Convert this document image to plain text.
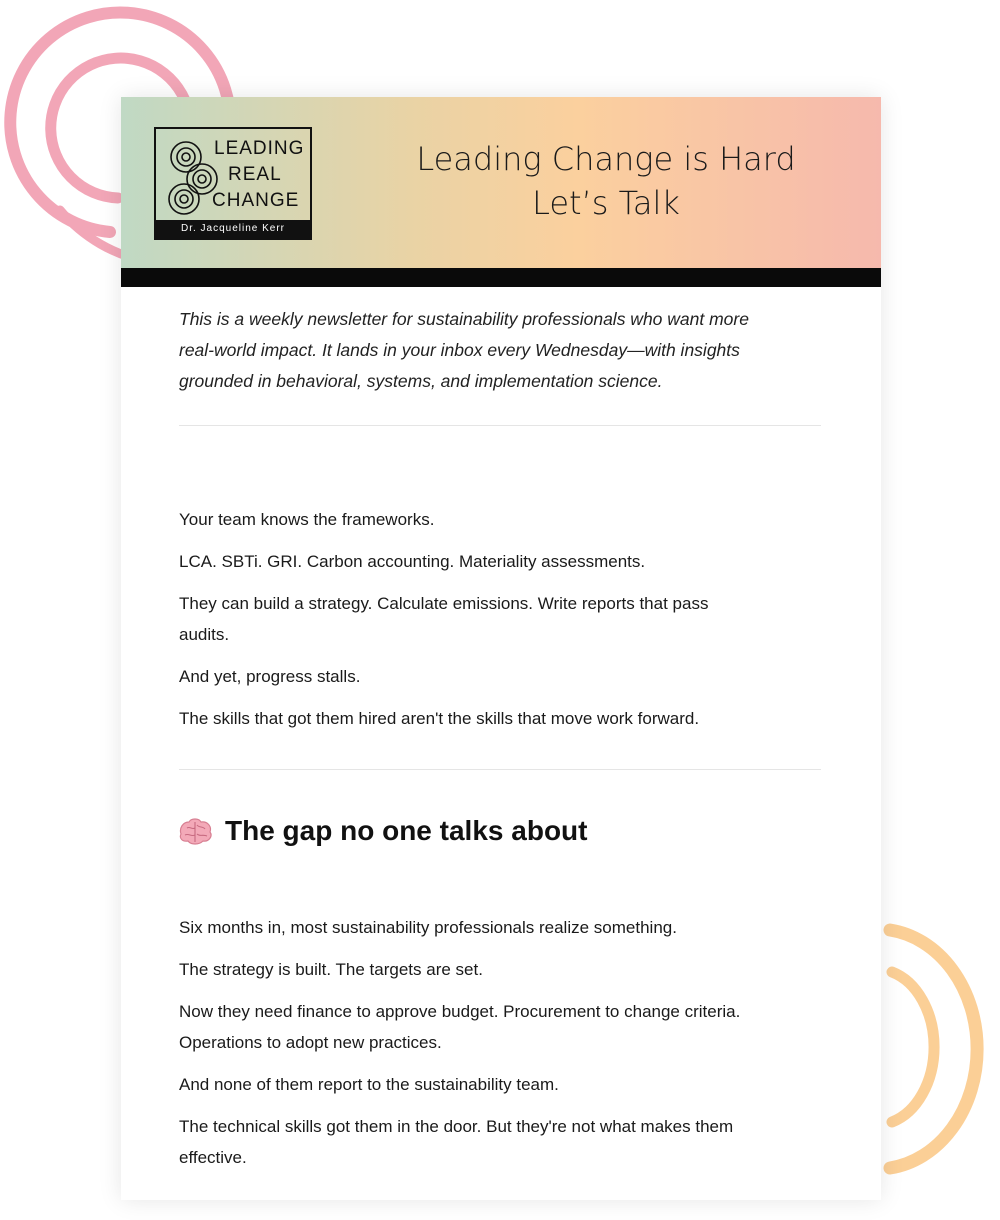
LEADING
REAL
CHANGE
Dr. Jacqueline Kerr
Leading Change is Hard
Let’s Talk
This is a weekly newsletter for sustainability professionals who want more
real-world impact. It lands in your inbox every Wednesday—with insights
grounded in behavioral, systems, and implementation science.

Your team knows the frameworks.

LCA. SBTi. GRI. Carbon accounting. Materiality assessments.

They can build a strategy. Calculate emissions. Write reports that pass
audits.

And yet, progress stalls.

The skills that got them hired aren't the skills that move work forward.

The gap no one talks about

Six months in, most sustainability professionals realize something.

The strategy is built. The targets are set.

Now they need finance to approve budget. Procurement to change criteria.
Operations to adopt new practices.

And none of them report to the sustainability team.

The technical skills got them in the door. But they're not what makes them
effective.
